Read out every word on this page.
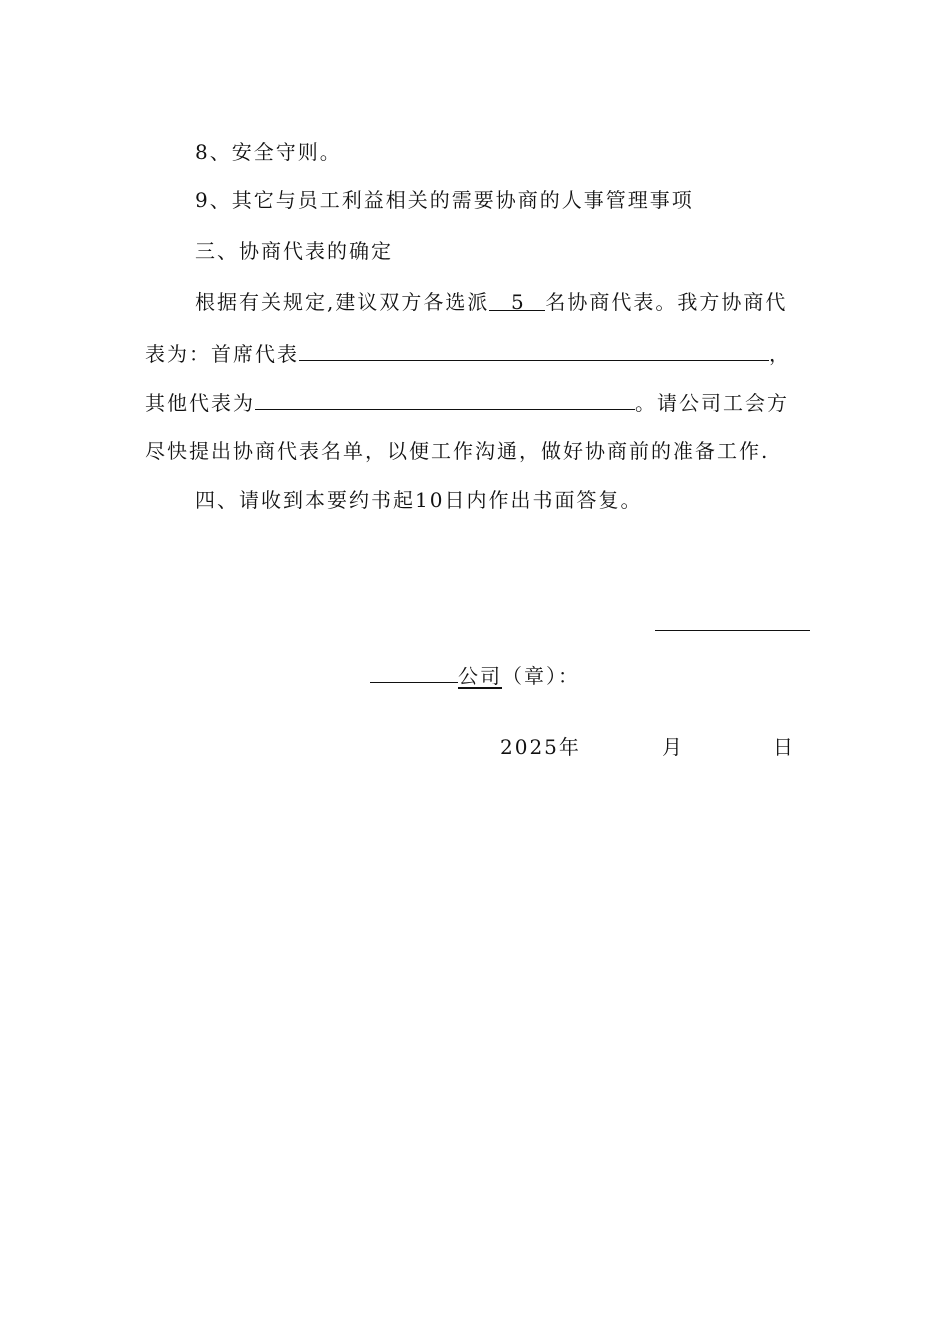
8、安全守则。
9、其它与员工利益相关的需要协商的人事管理事项
三、协商代表的确定
根据有关规定,建议双方各选派 5 名协商代表。我方协商代
表为：首席代表	，
其他代表为	。请公司工会方
尽快提出协商代表名单，以便工作沟通，做好协商前的准备工作.
四、请收到本要约书起10日内作出书面答复。
公司（章）：
2025年	月	日
